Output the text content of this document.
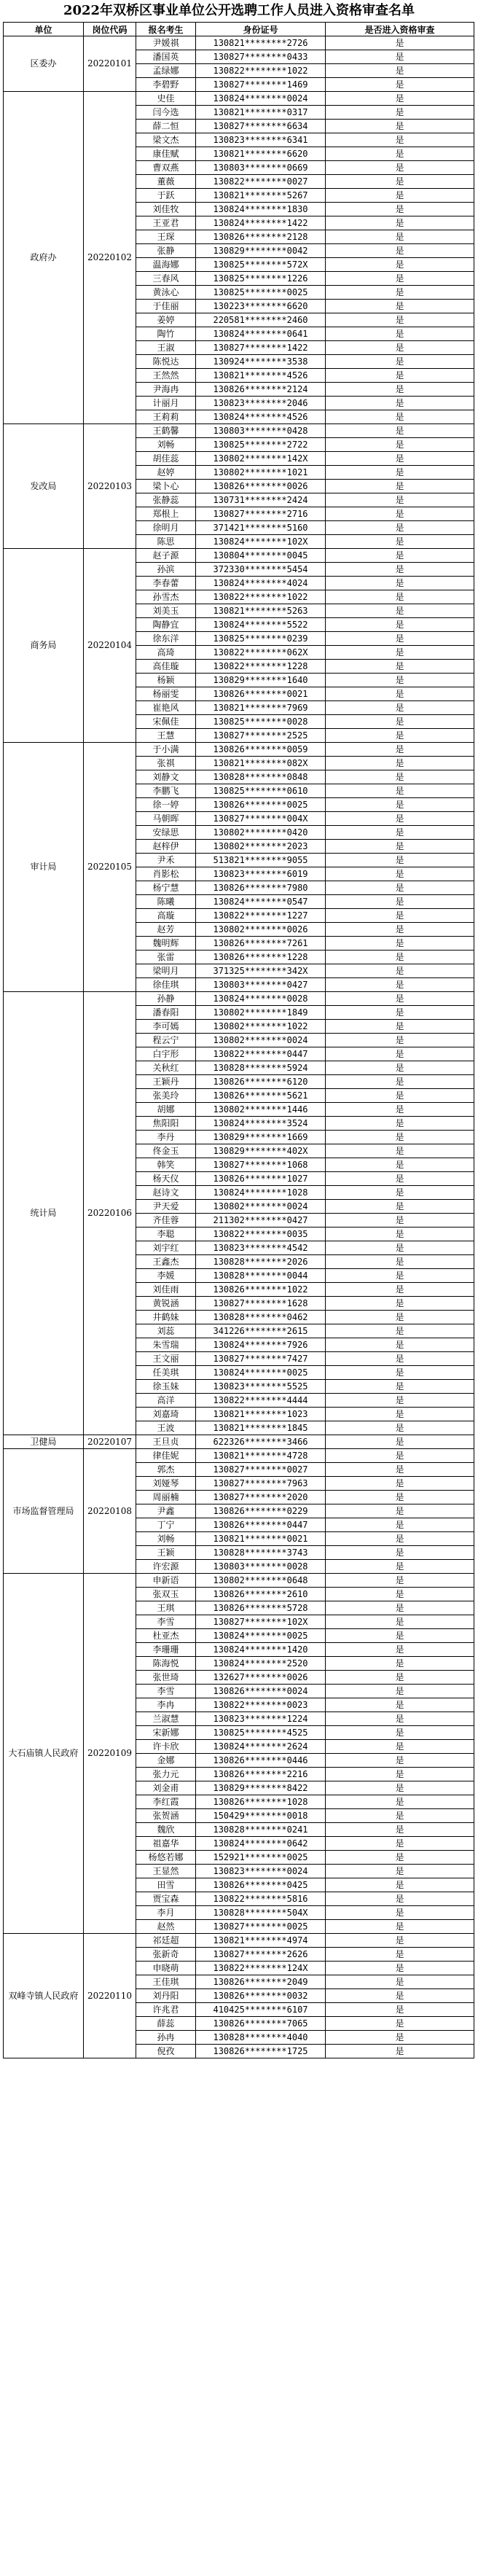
2022年双桥区事业单位公开选聘工作人员进入资格审查名单
单位	岗位代码	报名考生	身份证号	是否进入资格审查
区委办	20220101	尹媛祺	130821********2726	是
		潘国英	130827********0433	是
		孟绿娜	130822********1022	是
		李碧野	130827********1469	是
政府办	20220102	史佳	130824********0024	是
		闫今选	130821********0317	是
		薛二恒	130827********6634	是
		梁文杰	130823********6341	是
		康佳赋	130821********6620	是
		曹双燕	130803********0669	是
		董薇	130822********0027	是
		于跃	130821********5267	是
		刘佳牧	130824********1830	是
		王亚君	130824********1422	是
		王琛	130826********2128	是
		张静	130829********0042	是
		温海娜	130825********572X	是
		三春风	130825********1226	是
		黄泳心	130825********0025	是
		于佳丽	130223********6620	是
		姜婷	220581********2460	是
		陶竹	130824********0641	是
		王淑	130827********1422	是
		陈悦达	130924********3538	是
		王然然	130821********4526	是
		尹海冉	130826********2124	是
		计丽月	130823********2046	是
		王莉莉	130824********4526	是
发改局	20220103	王鹤馨	130803********0428	是
		刘畅	130825********2722	是
		胡佳蕊	130802********142X	是
		赵婷	130802********1021	是
		梁卜心	130826********0026	是
		张静蕊	130731********2424	是
		郑根上	130827********2716	是
		徐明月	371421********5160	是
		陈思	130824********102X	是
商务局	20220104	赵子源	130804********0045	是
		孙滨	372330********5454	是
		李春蕾	130824********4024	是
		孙雪杰	130822********1022	是
		刘美玉	130821********5263	是
		陶静宜	130824********5522	是
		徐东洋	130825********0239	是
		高琦	130822********062X	是
		高佳璇	130822********1228	是
		杨颖	130829********1640	是
		杨丽雯	130826********0021	是
		崔艳风	130821********7969	是
		宋佩佳	130825********0028	是
		王慧	130827********2525	是
审计局	20220105	于小满	130826********0059	是
		张祺	130821********082X	是
		刘静文	130828********0848	是
		李鹏飞	130825********0610	是
		徐一婷	130826********0025	是
		马朝晖	130827********004X	是
		安绿思	130802********0420	是
		赵梓伊	130802********2023	是
		尹禾	513821********9055	是
		肖影松	130823********6019	是
		杨宁慧	130826********7980	是
		陈曦	130824********0547	是
		高璇	130822********1227	是
		赵芳	130802********0026	是
		魏明辉	130826********7261	是
		张雷	130826********1228	是
		梁明月	371325********342X	是
		徐佳琪	130803********0427	是
统计局	20220106	孙静	130824********0028	是
		潘春阳	130802********1849	是
		李可嫣	130802********1022	是
		程云宁	130802********0024	是
		白宇形	130822********0447	是
		关秋红	130828********5924	是
		王颖丹	130826********6120	是
		张美玲	130826********5621	是
		胡娜	130802********1446	是
		焦阳阳	130824********3524	是
		李丹	130829********1669	是
		佟金玉	130829********402X	是
		韩笑	130827********1068	是
		杨天仪	130826********1027	是
		赵诗文	130824********1028	是
		尹天爱	130802********0024	是
		齐佳蓉	211302********0427	是
		李聪	130822********0035	是
		刘宇红	130823********4542	是
		王鑫杰	130828********2026	是
		李媛	130828********0044	是
		刘佳雨	130826********1022	是
		黄锐涵	130827********1628	是
		井鹤妹	130828********0462	是
		刘蕊	341226********2615	是
		朱雪瑞	130824********7926	是
		王文丽	130827********7427	是
		任美琪	130824********0025	是
		徐玉妹	130823********5525	是
		高洋	130822********4444	是
		刘嘉琦	130821********1023	是
		王波	130821********1845	是
卫健局	20220107	王旦贞	622326********3466	是
市场监督管理局	20220108	律佳妮	130821********4728	是
		郭杰	130827********0027	是
		刘娅琴	130827********7963	是
		周丽楠	130827********2020	是
		尹鑫	130826********0229	是
		丁宁	130826********0447	是
		刘畅	130821********0021	是
		王颖	130828********3743	是
		许宏源	130803********0028	是
大石庙镇人民政府	20220109	申新语	130802********0648	是
		张双玉	130826********2610	是
		王琪	130826********5728	是
		李雪	130827********102X	是
		杜亚杰	130824********0025	是
		李珊珊	130824********1420	是
		陈海悦	130824********2520	是
		张世琦	132627********0026	是
		李雪	130826********0024	是
		李冉	130822********0023	是
		兰淑慧	130823********1224	是
		宋新娜	130825********4525	是
		许卡欣	130824********2624	是
		金娜	130826********0446	是
		张力元	130826********2216	是
		刘金甫	130829********8422	是
		李红霞	130826********1028	是
		张贺涵	150429********0018	是
		魏欣	130828********0241	是
		祖嘉华	130824********0642	是
		杨悠若娜	152921********0025	是
		王显然	130823********0024	是
		田雪	130826********0425	是
		贾宝森	130822********5816	是
		李月	130828********504X	是
		赵然	130827********0025	是
双峰寺镇人民政府	20220110	祁廷超	130821********4974	是
		张新奇	130827********2626	是
		申晓萌	130822********124X	是
		王佳琪	130826********2049	是
		刘丹阳	130826********0032	是
		许兆君	410425********6107	是
		薛蕊	130826********7065	是
		孙冉	130828********4040	是
		倪孜	130826********1725	是
